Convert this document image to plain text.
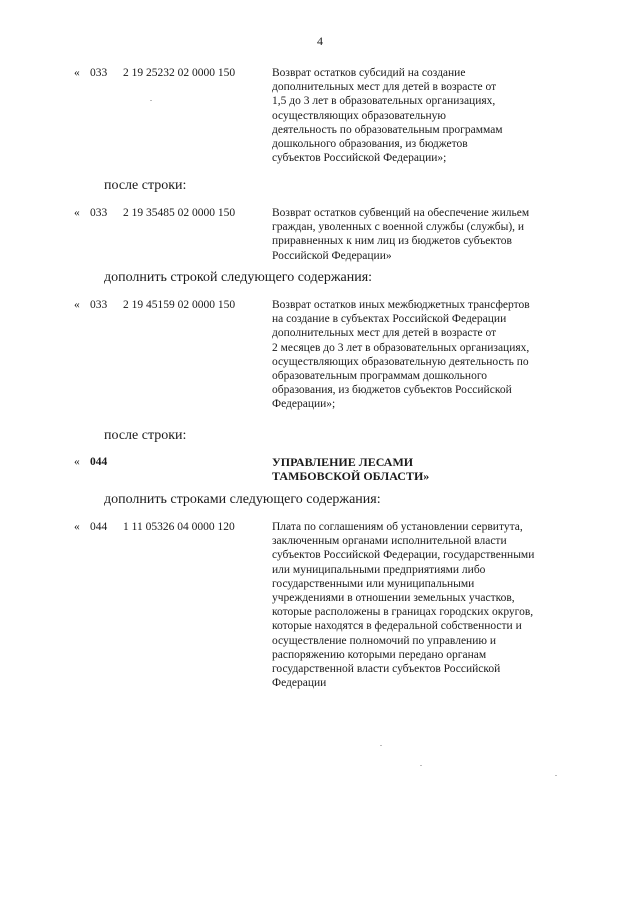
4
« 033 2 19 25232 02 0000 150	Возврат остатков субсидий на создание
дополнительных мест для детей в возрасте от
1,5 до 3 лет в образовательных организациях,
осуществляющих образовательную
деятельность по образовательным программам
дошкольного образования, из бюджетов
субъектов Российской Федерации»;
после строки:
« 033 2 19 35485 02 0000 150	Возврат остатков субвенций на обеспечение жильем
граждан, уволенных с военной службы (службы), и
приравненных к ним лиц из бюджетов субъектов
Российской Федерации»
дополнить строкой следующего содержания:
« 033 2 19 45159 02 0000 150	Возврат остатков иных межбюджетных трансфертов
на создание в субъектах Российской Федерации
дополнительных мест для детей в возрасте от
2 месяцев до 3 лет в образовательных организациях,
осуществляющих образовательную деятельность по
образовательным программам дошкольного
образования, из бюджетов субъектов Российской
Федерации»;
после строки:
« 044	УПРАВЛЕНИЕ ЛЕСАМИ
ТАМБОВСКОЙ ОБЛАСТИ»
дополнить строками следующего содержания:
« 044 1 11 05326 04 0000 120	Плата по соглашениям об установлении сервитута,
заключенным органами исполнительной власти
субъектов Российской Федерации, государственными
или муниципальными предприятиями либо
государственными или муниципальными
учреждениями в отношении земельных участков,
которые расположены в границах городских округов,
которые находятся в федеральной собственности и
осуществление полномочий по управлению и
распоряжению которыми передано органам
государственной власти субъектов Российской
Федерации
